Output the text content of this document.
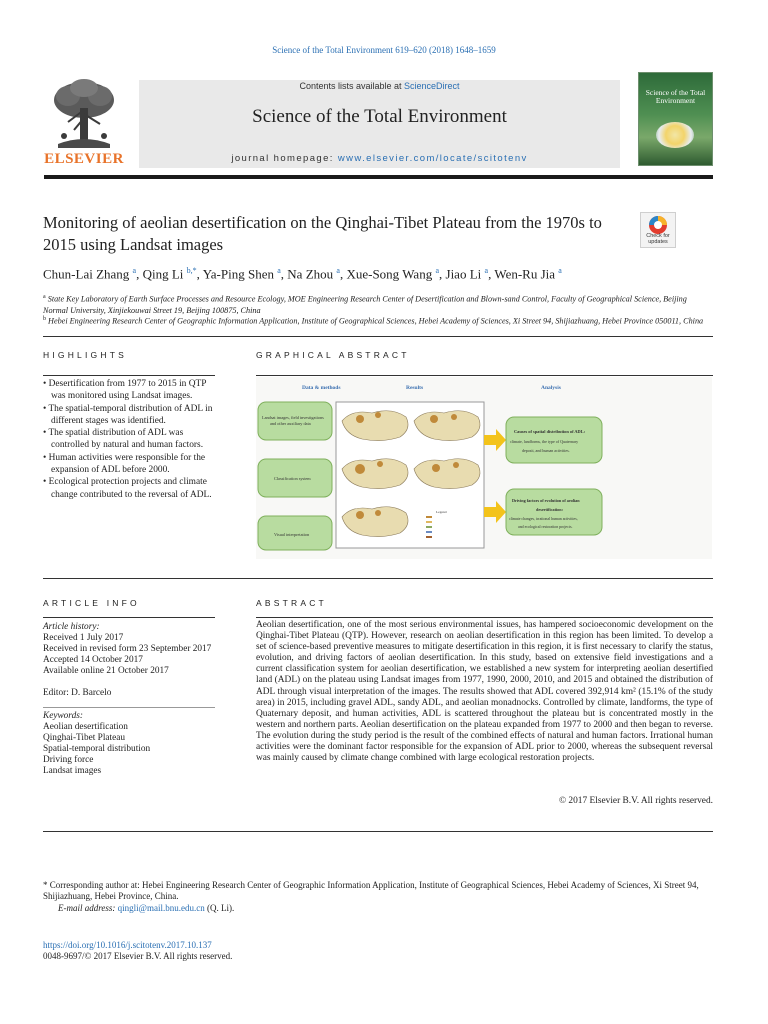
Science of the Total Environment 619–620 (2018) 1648–1659
ELSEVIER
Contents lists available at ScienceDirect
Science of the Total Environment
journal homepage: www.elsevier.com/locate/scitotenv
Science of the Total Environment
Monitoring of aeolian desertification on the Qinghai-Tibet Plateau from the 1970s to 2015 using Landsat images	Check for updates
Chun-Lai Zhang $^a$, Qing Li $^{b,*}$, Ya-Ping Shen $^a$, Na Zhou $^a$, Xue-Song Wang $^a$, Jiao Li $^a$, Wen-Ru Jia $^a$
$^a$ State Key Laboratory of Earth Surface Processes and Resource Ecology, MOE Engineering Research Center of Desertification and Blown-sand Control, Faculty of Geographical Science, Beijing Normal University, Xinjiekouwai Street 19, Beijing 100875, China
$^b$ Hebei Engineering Research Center of Geographic Information Application, Institute of Geographical Sciences, Hebei Academy of Sciences, Xi Street 94, Shijiazhuang, Hebei Province 050011, China
HIGHLIGHTS
• Desertification from 1977 to 2015 in QTP was monitored using Landsat images.
• The spatial-temporal distribution of ADL in different stages was identified.
• The spatial distribution of ADL was controlled by natural and human factors.
• Human activities were responsible for the expansion of ADL before 2000.
• Ecological protection projects and climate change contributed to the reversal of ADL.
GRAPHICAL ABSTRACT
Data & methods	Results	Analysis
Landsat images, field investigations
and other auxiliary data
Classification system
Visual interpretation
Legend
Causes of spatial distribution of ADL:
climate, landforms, the type of Quaternary
deposit, and human activities.
Driving factors of evolution of aeolian
desertification:
climate changes, irrational human activities,
and ecological restoration projects.
ARTICLE INFO
Article history:
Received 1 July 2017
Received in revised form 23 September 2017
Accepted 14 October 2017
Available online 21 October 2017
Editor: D. Barcelo
Keywords:
Aeolian desertification
Qinghai-Tibet Plateau
Spatial-temporal distribution
Driving force
Landsat images
ABSTRACT
Aeolian desertification, one of the most serious environmental issues, has hampered socioeconomic development on the Qinghai-Tibet Plateau (QTP). However, research on aeolian desertification in this region has been limited. To develop a set of science-based preventive measures to mitigate desertification in this region, it is first necessary to clarify the status, evolution, and driving factors of aeolian desertification. In this study, based on extensive field investigations and a current classification system for aeolian desertification, we established a new system for interpreting aeolian desertified land (ADL) on the plateau using Landsat images from 1977, 1990, 2000, 2010, and 2015 and obtained the distribution of ADL through visual interpretation of the images. The results showed that ADL covered 392,914 km² (15.1% of the study area) in 2015, including gravel ADL, sandy ADL, and aeolian monadnocks. Controlled by climate, landforms, the type of Quaternary deposit, and human activities, ADL is scattered throughout the plateau but is concentrated mostly in the western and northern parts. Aeolian desertification on the plateau expanded from 1977 to 2000 and then began to reverse. The evolution during the study period is the result of the combined effects of natural and human factors. Irrational human activities were the dominant factor responsible for the expansion of ADL prior to 2000, whereas the subsequent reversal was mainly caused by climate change combined with large ecological restoration projects.
© 2017 Elsevier B.V. All rights reserved.
* Corresponding author at: Hebei Engineering Research Center of Geographic Information Application, Institute of Geographical Sciences, Hebei Academy of Sciences, Xi Street 94, Shijiazhuang, Hebei Province, China.
E-mail address: qingli@mail.bnu.edu.cn (Q. Li).
https://doi.org/10.1016/j.scitotenv.2017.10.137
0048-9697/© 2017 Elsevier B.V. All rights reserved.
